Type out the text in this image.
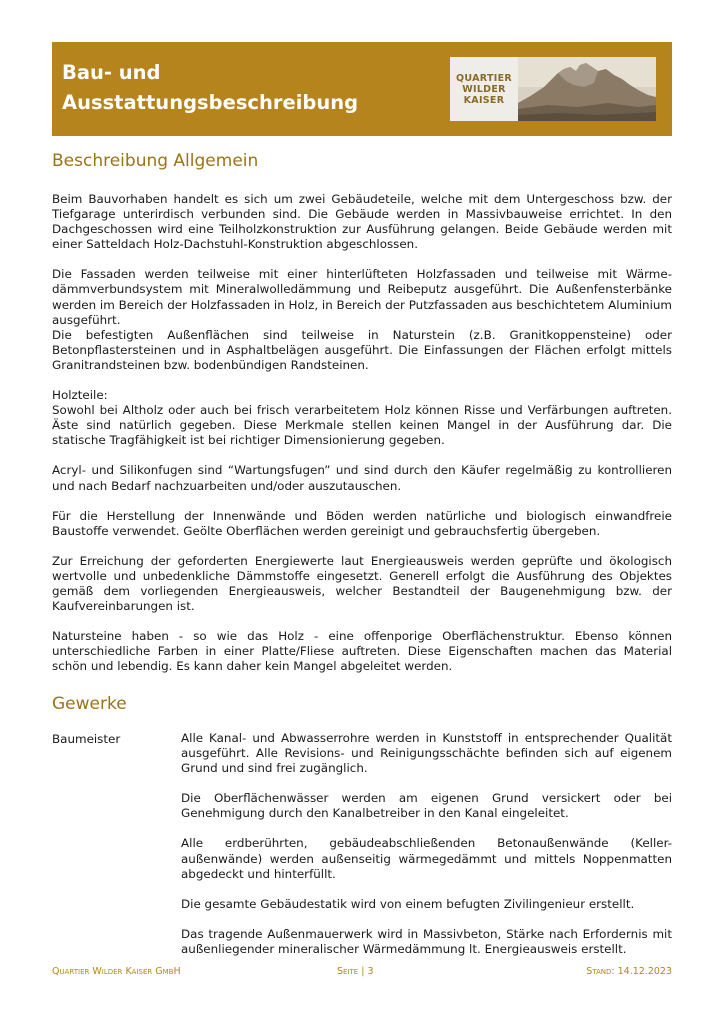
Bau- und
Ausstattungsbeschreibung
QUARTIER
WILDER
KAISER
Beschreibung Allgemein

Beim Bauvorhaben handelt es sich um zwei Gebäudeteile, welche mit dem Untergeschoss bzw. der Tiefgarage unterirdisch verbunden sind. Die Gebäude werden in Massivbauweise errichtet. In den Dachgeschossen wird eine Teilholzkonstruktion zur Ausführung gelangen. Beide Gebäude werden mit einer Satteldach Holz-Dachstuhl-Konstruktion abgeschlossen.

Die Fassaden werden teilweise mit einer hinterlüfteten Holzfassaden und teilweise mit Wärme-dämmverbundsystem mit Mineralwolledämmung und Reibeputz ausgeführt. Die Außenfensterbänke werden im Bereich der Holzfassaden in Holz, in Bereich der Putzfassaden aus beschichtetem Aluminium ausgeführt.

Die befestigten Außenflächen sind teilweise in Naturstein (z.B. Granitkoppensteine) oder Betonpflastersteinen und in Asphaltbelägen ausgeführt. Die Einfassungen der Flächen erfolgt mittels Granitrandsteinen bzw. bodenbündigen Randsteinen.

Holzteile:

Sowohl bei Altholz oder auch bei frisch verarbeitetem Holz können Risse und Verfärbungen auftreten. Äste sind natürlich gegeben. Diese Merkmale stellen keinen Mangel in der Ausführung dar. Die statische Tragfähigkeit ist bei richtiger Dimensionierung gegeben.

Acryl- und Silikonfugen sind “Wartungsfugen” und sind durch den Käufer regelmäßig zu kontrollieren und nach Bedarf nachzuarbeiten und/oder auszutauschen.

Für die Herstellung der Innenwände und Böden werden natürliche und biologisch einwandfreie Baustoffe verwendet. Geölte Oberflächen werden gereinigt und gebrauchsfertig übergeben.

Zur Erreichung der geforderten Energiewerte laut Energieausweis werden geprüfte und ökologisch wertvolle und unbedenkliche Dämmstoffe eingesetzt. Generell erfolgt die Ausführung des Objektes gemäß dem vorliegenden Energieausweis, welcher Bestandteil der Baugenehmigung bzw. der Kaufvereinbarungen ist.

Natursteine haben - so wie das Holz - eine offenporige Oberflächenstruktur. Ebenso können unterschiedliche Farben in einer Platte/Fliese auftreten. Diese Eigenschaften machen das Material schön und lebendig. Es kann daher kein Mangel abgeleitet werden.

Gewerke
Baumeister	Alle Kanal- und Abwasserrohre werden in Kunststoff in entsprechender Qualität ausgeführt. Alle Revisions- und Reinigungsschächte befinden sich auf eigenem Grund und sind frei zugänglich.

Die Oberflächenwässer werden am eigenen Grund versickert oder bei Genehmigung durch den Kanalbetreiber in den Kanal eingeleitet.

Alle erdberührten, gebäudeabschließenden Betonaußenwände (Keller-außenwände) werden außenseitig wärmegedämmt und mittels Noppenmatten abgedeckt und hinterfüllt.

Die gesamte Gebäudestatik wird von einem befugten Zivilingenieur erstellt.

Das tragende Außenmauerwerk wird in Massivbeton, Stärke nach Erfordernis mit außenliegender mineralischer Wärmedämmung lt. Energieausweis erstellt.

Quartier Wilder Kaiser GmbH	Seite | 3	Stand: 14.12.2023
